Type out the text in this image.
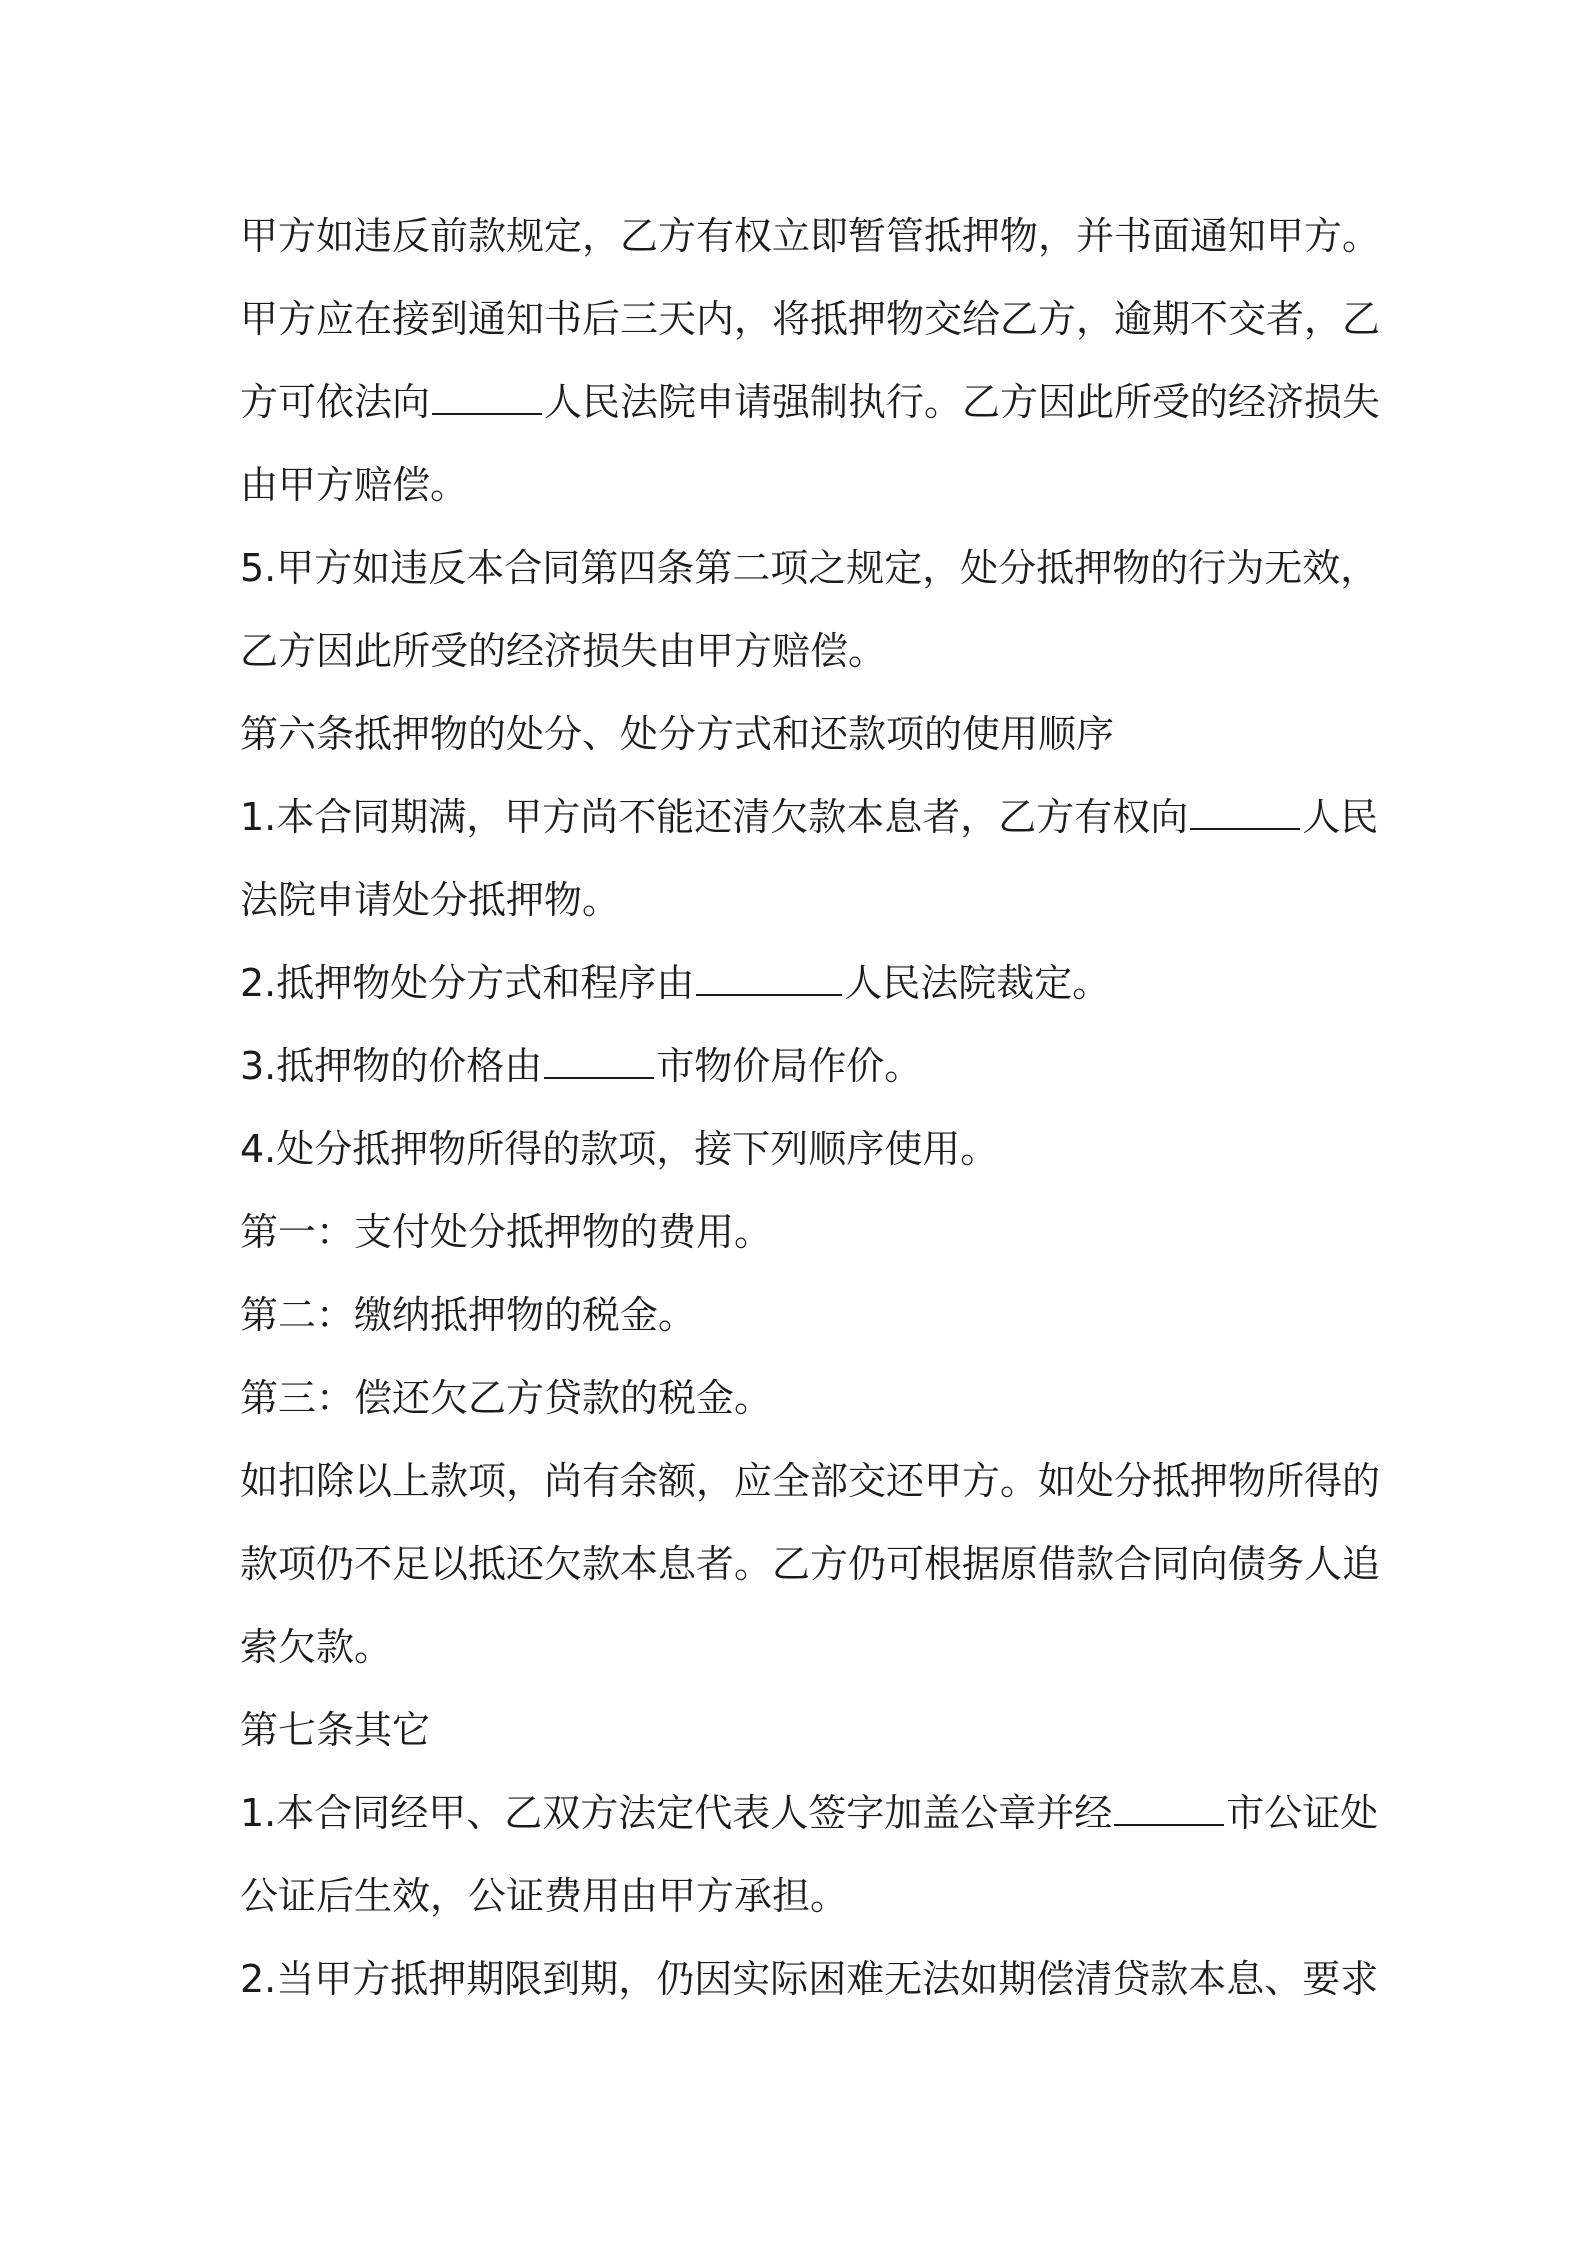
甲方如违反前款规定，乙方有权立即暂管抵押物，并书面通知甲方。
甲方应在接到通知书后三天内，将抵押物交给乙方，逾期不交者，乙
方可依法向	人民法院申请强制执行。乙方因此所受的经济损失
由甲方赔偿。
5.甲方如违反本合同第四条第二项之规定，处分抵押物的行为无效，
乙方因此所受的经济损失由甲方赔偿。
第六条抵押物的处分、处分方式和还款项的使用顺序
1.本合同期满，甲方尚不能还清欠款本息者，乙方有权向	人民
法院申请处分抵押物。
2.抵押物处分方式和程序由	人民法院裁定。
3.抵押物的价格由	市物价局作价。
4.处分抵押物所得的款项，接下列顺序使用。
第一：支付处分抵押物的费用。
第二：缴纳抵押物的税金。
第三：偿还欠乙方贷款的税金。
如扣除以上款项，尚有余额，应全部交还甲方。如处分抵押物所得的
款项仍不足以抵还欠款本息者。乙方仍可根据原借款合同向债务人追
索欠款。
第七条其它
1.本合同经甲、乙双方法定代表人签字加盖公章并经	市公证处
公证后生效，公证费用由甲方承担。
2.当甲方抵押期限到期，仍因实际困难无法如期偿清贷款本息、要求
